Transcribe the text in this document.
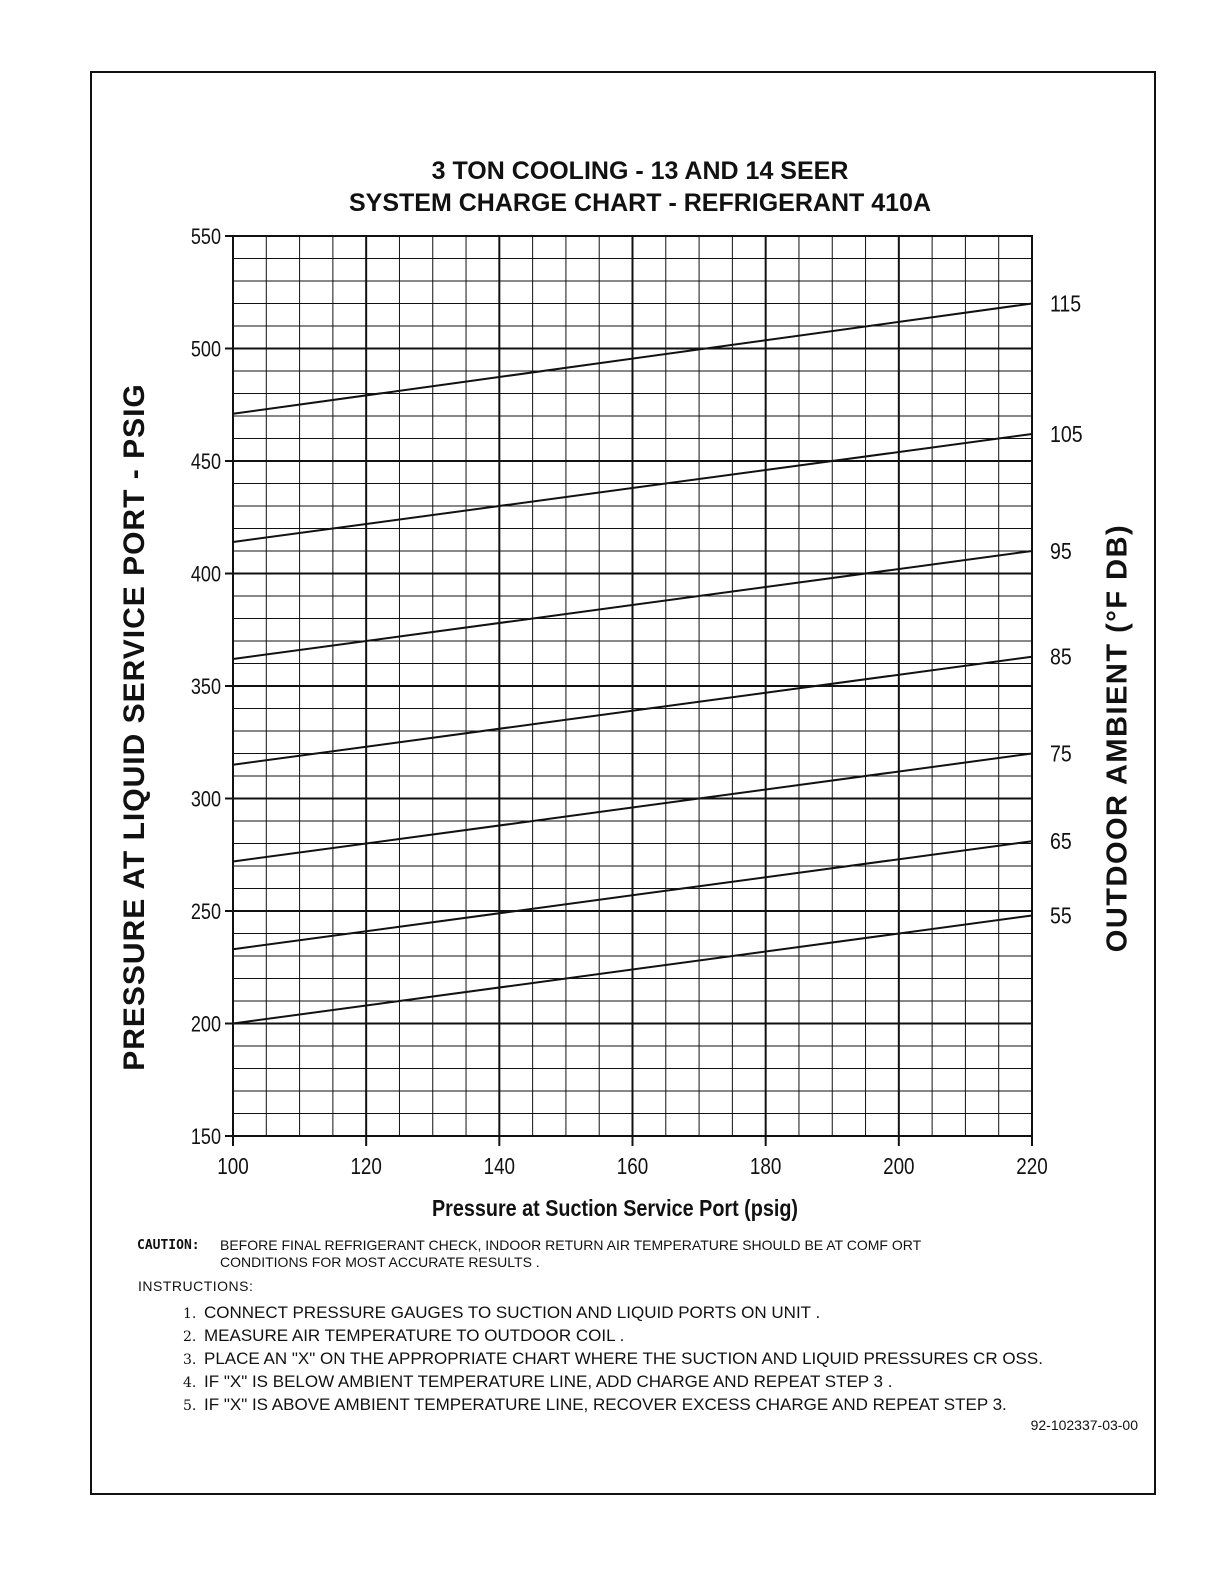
3 TON COOLING - 13 AND 14 SEER
SYSTEM CHARGE CHART - REFRIGERANT 410A
150
200
250
300
350
400
450
500
550
100	120	140	160	180	200	220
115
105
95
85
75
65
55
PRESSURE AT LIQUID SERVICE PORT - PSIG	OUTDOOR AMBIENT (°F DB)
Pressure at Suction Service Port (psig)
CAUTION: BEFORE FINAL REFRIGERANT CHECK, INDOOR RETURN AIR TEMPERATURE SHOULD BE AT COMF ORT CONDITIONS FOR MOST ACCURATE RESULTS .
INSTRUCTIONS:
1. CONNECT PRESSURE GAUGES TO SUCTION AND LIQUID PORTS ON UNIT .
2. MEASURE AIR TEMPERATURE TO OUTDOOR COIL .
3. PLACE AN "X" ON THE APPROPRIATE CHART WHERE THE SUCTION AND LIQUID PRESSURES CR OSS.
4. IF "X" IS BELOW AMBIENT TEMPERATURE LINE, ADD CHARGE AND REPEAT STEP 3 .
5. IF "X" IS ABOVE AMBIENT TEMPERATURE LINE, RECOVER EXCESS CHARGE AND REPEAT STEP 3.
92-102337-03-00
